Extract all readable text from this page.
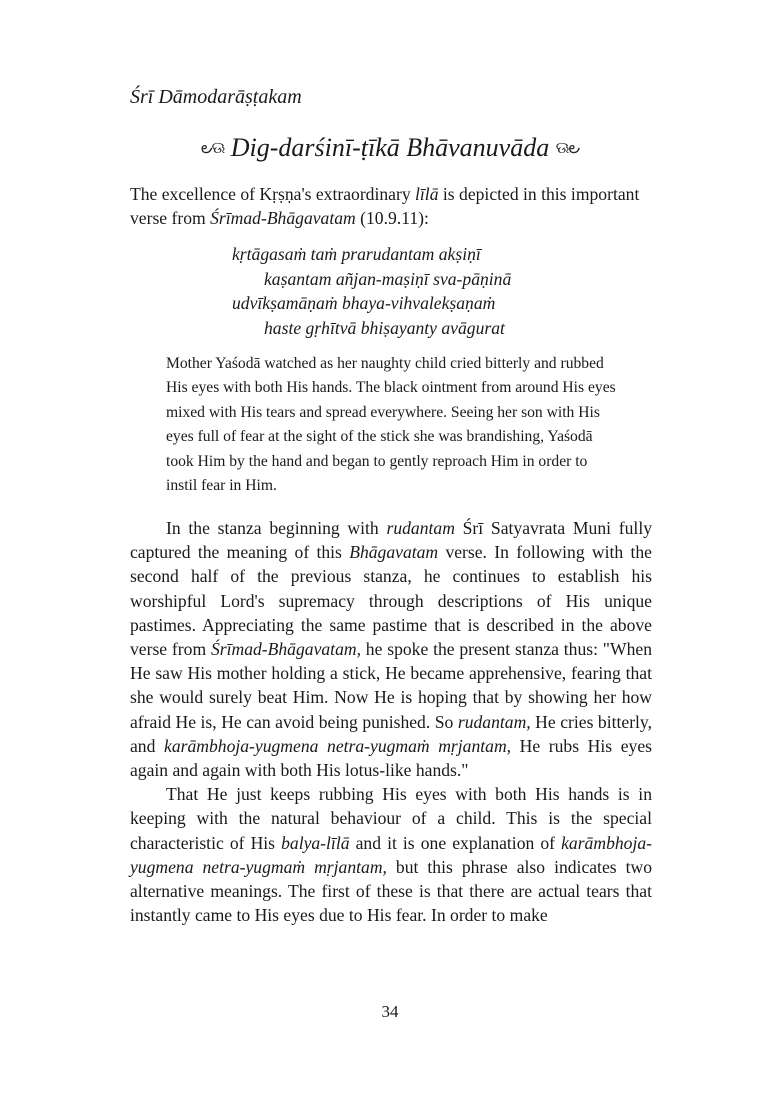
Śrī Dāmodarāṣṭakam
౿ଊ Dig-darśinī-ṭīkā Bhāvanuvāda ଊ౿
The excellence of Kṛṣṇa's extraordinary līlā is depicted in this important verse from Śrīmad-Bhāgavatam (10.9.11):
kṛtāgasaṁ taṁ prarudantam akṣiṇī
kaṣantam añjan-maṣiṇī sva-pāṇinā
udvīkṣamāṇaṁ bhaya-vihvalekṣaṇaṁ
haste gṛhītvā bhiṣayanty avāgurat

Mother Yaśodā watched as her naughty child cried bitterly and rubbed His eyes with both His hands. The black ointment from around His eyes mixed with His tears and spread everywhere. Seeing her son with His eyes full of fear at the sight of the stick she was brandishing, Yaśodā took Him by the hand and began to gently reproach Him in order to instil fear in Him.

In the stanza beginning with rudantam Śrī Satyavrata Muni fully captured the meaning of this Bhāgavatam verse. In following with the second half of the previous stanza, he continues to establish his worshipful Lord's supremacy through descriptions of His unique pastimes. Appreciating the same pastime that is described in the above verse from Śrīmad-Bhāgavatam, he spoke the present stanza thus: "When He saw His mother holding a stick, He became apprehensive, fearing that she would surely beat Him. Now He is hoping that by showing her how afraid He is, He can avoid being punished. So rudantam, He cries bitterly, and karāmbhoja-yugmena netra-yugmaṁ mṛjantam, He rubs His eyes again and again with both His lotus-like hands."

That He just keeps rubbing His eyes with both His hands is in keeping with the natural behaviour of a child. This is the special characteristic of His balya-līlā and it is one explanation of karāmbhoja-yugmena netra-yugmaṁ mṛjantam, but this phrase also indicates two alternative meanings. The first of these is that there are actual tears that instantly came to His eyes due to His fear. In order to make

34
